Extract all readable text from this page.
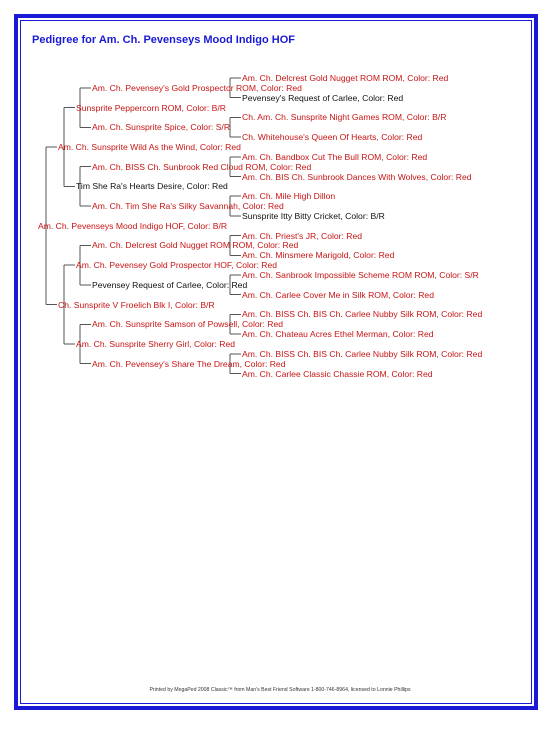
Pedigree for Am. Ch. Pevenseys Mood Indigo HOF
Am. Ch. Pevenseys Mood Indigo HOF, Color: B/R
Am. Ch. Sunsprite Wild As the Wind, Color: Red
Ch. Sunsprite V Froelich Blk I, Color: B/R
Sunsprite Peppercorn ROM, Color: B/R
Tim She Ra's Hearts Desire, Color: Red
Am. Ch. Pevensey Gold Prospector HOF, Color: Red
Am. Ch. Sunsprite Sherry Girl, Color: Red
Am. Ch. Pevensey's Gold Prospector ROM, Color: Red
Am. Ch. Sunsprite Spice, Color: S/R
Am. Ch. BISS Ch. Sunbrook Red Cloud ROM, Color: Red
Am. Ch. Tim She Ra's Silky Savannah, Color: Red
Am. Ch. Delcrest Gold Nugget ROM ROM, Color: Red
Pevensey Request of Carlee, Color: Red
Am. Ch. Sunsprite Samson of Powsell, Color: Red
Am. Ch. Pevensey's Share The Dream, Color: Red
Am. Ch. Delcrest Gold Nugget ROM ROM, Color: Red
Pevensey's Request of Carlee, Color: Red
Ch. Am. Ch. Sunsprite Night Games ROM, Color: B/R
Ch. Whitehouse's Queen Of Hearts, Color: Red
Am. Ch. Bandbox Cut The Bull ROM, Color: Red
Am. Ch. BIS Ch. Sunbrook Dances With Wolves, Color: Red
Am. Ch. Mile High Dillon
Sunsprite Itty Bitty Cricket, Color: B/R
Am. Ch. Priest's JR, Color: Red
Am. Ch. Minsmere Marigold, Color: Red
Am. Ch. Sanbrook Impossible Scheme ROM ROM, Color: S/R
Am. Ch. Carlee Cover Me in Silk ROM, Color: Red
Am. Ch. BISS Ch. BIS Ch. Carlee Nubby Silk ROM, Color: Red
Am. Ch. Chateau Acres Ethel Merman, Color: Red
Am. Ch. BISS Ch. BIS Ch. Carlee Nubby Silk ROM, Color: Red
Am. Ch. Carlee Classic Chassie ROM, Color: Red
Printed by MegaPed 2008 Classic™ from Man's Best Friend Software 1-800-746-8964, licensed to Lonnie Phillips
